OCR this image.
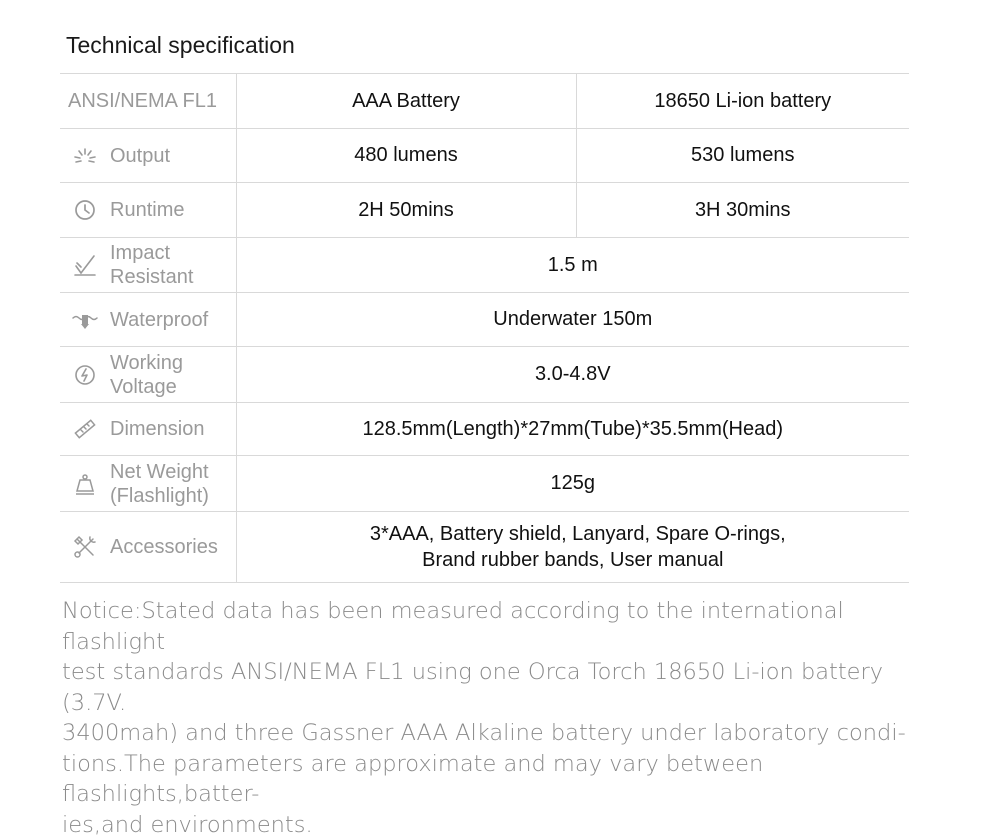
Technical specification
ANSI/NEMA FL1	AAA Battery	18650 Li-ion battery

Output	480 lumens	530 lumens

Runtime	2H 50mins	3H 30mins

Impact
Resistant	1.5 m	

Waterproof	Underwater 150m	

Working
Voltage	3.0-4.8V	

Dimension	128.5mm(Length)*27mm(Tube)*35.5mm(Head)	

Net Weight
(Flashlight)	125g	

Accessories	3*AAA, Battery shield, Lanyard, Spare O-rings,
Brand rubber bands, User manual	
Notice:Stated data has been measured according to the international flashlight
test standards ANSI/NEMA FL1 using one Orca Torch 18650 Li-ion battery (3.7V.
3400mah) and three Gassner AAA Alkaline battery under laboratory condi-
tions.The parameters are approximate and may vary between flashlights,batter-
ies,and environments.
